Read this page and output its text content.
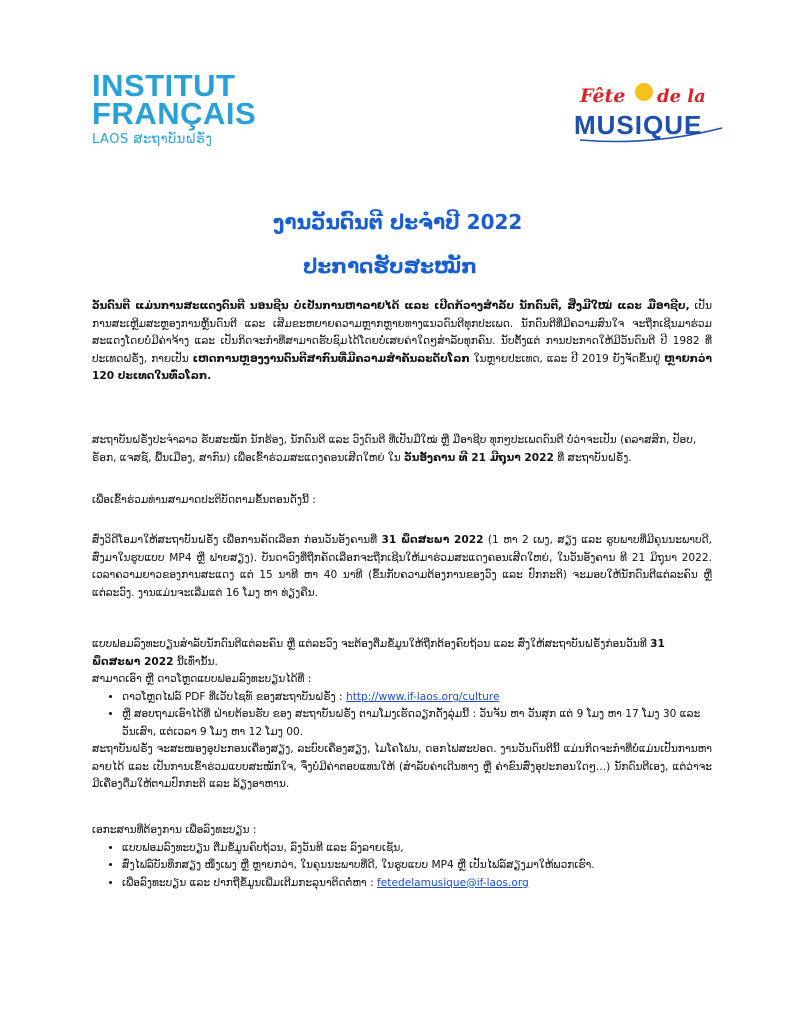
INSTITUT
FRANÇAIS
LAOS ສະຖາບັນຝຣັ່ງ
Fête de la
MUSIQUE
ງານວັນດົນຕີ ປະຈຳປີ 2022
ປະກາດຮັບສະໝັກ
ວັນດົນຕີ ແມ່ນການສະແດງດົນຕີ ນອນຊີນ ບໍ່ເປັນການຫາລາຍໄດ້ ແລະ ເປີດກ້ວາງສຳລັບ ນັກດົນຕີ, ສີ່ງມີໃໝ່ ແລະ ມືອາຊີບ, ເປັນການສະເຫຼີມສະຫຼອງການຫຼິ້ນດົນຕີ ແລະ ເສີມຂະຫຍາຍຄວາມຫຼາກຫຼາຍທາງແນວດົນຕີທຸກປະເພດ. ນັກດົນຕີທີ່ມີຄວາມສົນໃຈ ຈະຖືກເຊີນມາຮ່ວມສະແດງໂດຍບໍ່ມີຄ່າຈ້າງ ແລະ ເປັນກິດຈະກຳທີ່ສາມາດຮັບຊົມໄດ້ໂດຍບໍ່ເສຍຄ່າໃດໆສຳລັບທຸກຄົນ. ນັບຕັ້ງແຕ່ ການປະກາດໃຫ້ມີວັນດົນຕີ ປີ 1982 ທີ່ປະເທດຝຣັ່ງ, ກາຍເປັນ ເຫດການຫຼອງງານດົນຕີສາກົນທີ່ມີຄວາມສຳຄັນລະດັບໂລກ ໃນຫຼາຍປະເທດ, ແລະ ປີ 2019 ຍັງຈັດຂຶ້ນຢູ່ ຫຼາຍກວ່າ 120 ປະເທດໃນທົ່ວໂລກ.
ສະຖາບັນຝຣັ່ງປະຈຳລາວ ຮັບສະໝັກ ນັກຮ້ອງ, ນັກດົນຕີ ແລະ ວົງດົນຕີ ທີ່ເປັນມືໃໝ່ ຫຼື ມືອາຊີບ ທຸກໆປະເພດດົນຕີ ບໍ່ວ່າຈະເປັນ (ຄລາສສິກ, ປັອບ, ຣັອກ, ແຈສຊ໌, ພື້ນເມືອງ, ສາກົນ) ເພື່ອເຂົ້າຮ່ວມສະແດງຄອນເສີດໃຫຍ່ ໃນ ວັນອັງຄານ ທີ 21 ມີຖຸນາ 2022 ທີ່ ສະຖາບັນຝຣັ່ງ.
ເພື່ອເຂົ້າຮ່ວມທ່ານສາມາດປະຕິບັດຕາມຂັ້ນຕອນດັ່ງນີ້ :
ສົ່ງວິດີໂອມາໃຫ້ສະຖາບັນຝຣັ່ງ ເພື່ອການຄັດເລືອກ ກ່ອນວັນອັງຄານທີ່ 31 ພຶດສະພາ 2022 (1 ຫາ 2 ເພງ, ສຽງ ແລະ ຮູບພາບທີ່ມີຄຸນນະພາບດີ, ສົ່ງມາໃນຮູບແບບ MP4 ຫຼື ຟາຍສຽງ). ບັນດາວົງທີ່ຖືກຄັດເລືອກຈະຖືກເຊີນໃຫ້ມາຮ່ວມສະແດງຄອນເສີດໃຫຍ່, ໃນວັນອັງຄານ ທີ 21 ມິຖຸນາ 2022. ເວລາຄວາມຍາວຂອງການສະແດງ ແຕ່ 15 ນາທີ ຫາ 40 ນາທີ (ຂຶ້ນກັບຄວາມຕ້ອງການຂອງວົງ ແລະ ປົກກະຕິ) ຈະມອບໃຫ້ນັກດົນຕີແຕ່ລະຄົນ ຫຼື ແຕ່ລະວົງ. ງານແມ່ນຈະເລີ່ມແຕ່ 16 ໂມງ ຫາ ທ່ຽງຄືນ.
ແບບຟອມລົງທະບຽນສຳລັບນັກດົນຕີແຕ່ລະຄົນ ຫຼື ແຕ່ລະວົງ ຈະຕ້ອງຕື່ມຂໍ້ມູນໃຫ້ຖືກຕ້ອງຄົບຖ້ວນ ແລະ ສົ່ງໃຫ້ສະຖາບັນຝຣັ່ງກ່ອນວັນທີ 31 ພຶດສະພາ 2022 ນີ້ເທົ່ານັ້ນ.
ສາມາດເອົາ ຫຼື ດາວໂຫຼດແບບຟອມລົງທະບຽນໄດ້ທີ່ :
• ດາວໂຫຼດໄຟລ໌ PDF ທີ່ເວັບໄຊທ໌ ຂອງສະຖາບັນຝຣັ່ງ : http://www.if-laos.org/culture
• ຫຼື ສອບຖາມເອົາໄດ້ທີ່ ຝ່າຍຕ້ອນຮັບ ຂອງ ສະຖາບັນຝຣັ່ງ ຕາມໂມງເຮັດວຽກດັ່ງລຸ່ມນີ້ : ວັນຈັນ ຫາ ວັນສຸກ ແຕ່ 9 ໂມງ ຫາ 17 ໂມງ 30 ແລະ ວັນເສົາ, ແຕ່ເວລາ 9 ໂມງ ຫາ 12 ໂມງ 00.
ສະຖາບັນຝຣັ່ງ ຈະສະໜອງອຸປະກອນເຄື່ອງສຽງ, ລະບົບເຄື່ອງສຽງ, ໄມໂຄໂຟນ, ດອກໄຟສະປອດ. ງານວັນດົນຕີນີ້ ແມ່ນກິດຈະກຳທີ່ບໍ່ແມ່ນເປັນການຫາລາຍໄດ້ ແລະ ເປັນການເຂົ້າຮ່ວມແບບສະໝັກໃຈ, ຈຶ່ງບໍ່ມີຄ່າຕອບແທນໃຫ້ (ສຳລັບຄ່າເດີນທາງ ຫຼື ຄ່າຂົນສົ່ງອຸປະກອນໃດໆ...) ນັກດົນຕີເອງ, ແຕ່ວ່າຈະມີເຄື່ອງດື່ມໃຫ້ຕາມປົກກະຕິ ແລະ ລ້ຽງອາຫານ.
ເອກະສານທີ່ຕ້ອງການ ເພື່ອລົງທະບຽນ :
• ແບບຟອມລົງທະບຽນ ຕື່ມຂໍ້ມູນຄົບຖ້ວນ, ລົງວັນທີ ແລະ ລົງລາຍເຊັນ,
• ສົ່ງໄຟລ໌ບັນທຶກສຽງ ໜຶ່ງເພງ ຫຼື ຫຼາຍກວ່າ, ໃນຄຸນນະພາບທີ່ດີ, ໃນຮູບແບບ MP4 ຫຼື ເປັນໄຟລ໌ສຽງມາໃຫ້ພວກເຮົາ.
• ເພື່ອລົງທະບຽນ ແລະ ປາກຖືຂໍ້ມູນເພີ່ມເຕີມກະລຸນາຕິດຕໍ່ຫາ : fetedelamusique@if-laos.org
